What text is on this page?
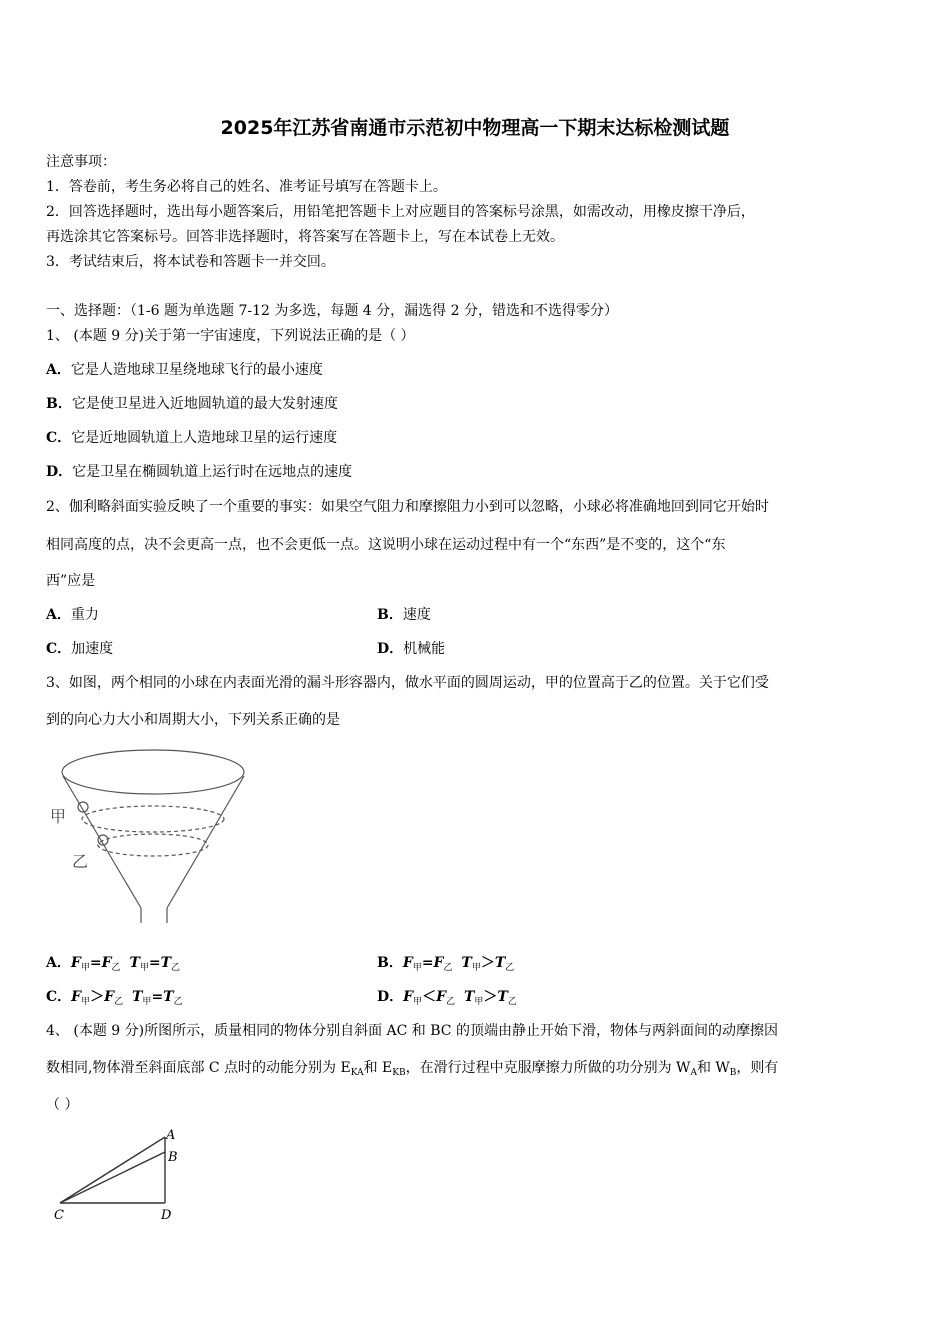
2025年江苏省南通市示范初中物理高一下期末达标检测试题
注意事项：
1．答卷前，考生务必将自己的姓名、准考证号填写在答题卡上。
2．回答选择题时，选出每小题答案后，用铅笔把答题卡上对应题目的答案标号涂黑，如需改动，用橡皮擦干净后，
再选涂其它答案标号。回答非选择题时，将答案写在答题卡上，写在本试卷上无效。
3．考试结束后，将本试卷和答题卡一并交回。
一、选择题：（1-6 题为单选题 7-12 为多选，每题 4 分，漏选得 2 分，错选和不选得零分）
1、 (本题 9 分)关于第一宇宙速度，下列说法正确的是（ ）
A．它是人造地球卫星绕地球飞行的最小速度
B．它是使卫星进入近地圆轨道的最大发射速度
C．它是近地圆轨道上人造地球卫星的运行速度
D．它是卫星在椭圆轨道上运行时在远地点的速度
2、伽利略斜面实验反映了一个重要的事实：如果空气阻力和摩擦阻力小到可以忽略，小球必将准确地回到同它开始时
相同高度的点，决不会更高一点，也不会更低一点。这说明小球在运动过程中有一个“东西”是不变的，这个“东
西”应是
A．重力	B．速度
C．加速度	D．机械能
3、如图，两个相同的小球在内表面光滑的漏斗形容器内，做水平面的圆周运动，甲的位置高于乙的位置。关于它们受
到的向心力大小和周期大小，下列关系正确的是
甲
乙
A．$F_甲=F_乙$ $T_甲=T_乙$	B．$F_甲=F_乙$ $T_甲>T_乙$
C．$F_甲>F_乙$ $T_甲=T_乙$	D．$F_甲<F_乙$ $T_甲>T_乙$
4、 (本题 9 分)所图所示，质量相同的物体分别自斜面 AC 和 BC 的顶端由静止开始下滑，物体与两斜面间的动摩擦因
数相同,物体滑至斜面底部 C 点时的动能分别为 $E_{KA}$和 $E_{KB}$，在滑行过程中克服摩擦力所做的功分别为 $W_A$和 $W_B$，则有
（ ）
A
B
C	D
